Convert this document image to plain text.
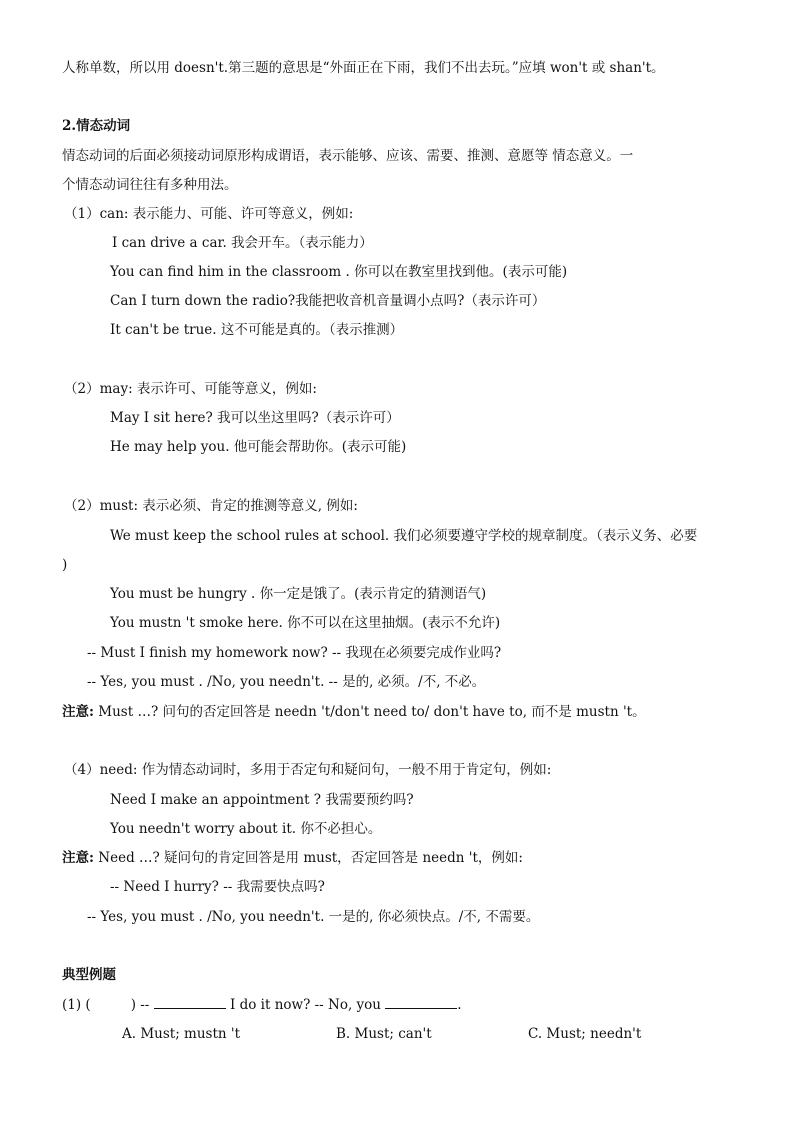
人称单数，所以用 doesn't.第三题的意思是“外面正在下雨，我们不出去玩。”应填 won't 或 shan't。
2.情态动词
情态动词的后面必须接动词原形构成谓语，表示能够、应该、需要、推测、意愿等 情态意义。一
个情态动词往往有多种用法。
（1）can: 表示能力、可能、许可等意义，例如:
I can drive a car. 我会开车。（表示能力）
You can find him in the classroom . 你可以在教室里找到他。(表示可能)
Can I turn down the radio?我能把收音机音量调小点吗?（表示许可）
It can't be true. 这不可能是真的。（表示推测）
（2）may: 表示许可、可能等意义，例如:
May I sit here? 我可以坐这里吗?（表示许可）
He may help you. 他可能会帮助你。(表示可能)
（2）must: 表示必须、肯定的推测等意义, 例如:
We must keep the school rules at school. 我们必须要遵守学校的规章制度。（表示义务、必要
)
You must be hungry . 你一定是饿了。(表示肯定的猜测语气)
You mustn 't smoke here. 你不可以在这里抽烟。(表示不允许)
-- Must I finish my homework now? -- 我现在必须要完成作业吗?
-- Yes, you must . /No, you needn't. -- 是的, 必须。/不, 不必。
注意: Must …? 问句的否定回答是 needn 't/don't need to/ don't have to, 而不是 mustn 't。
（4）need: 作为情态动词时，多用于否定句和疑问句，一般不用于肯定句，例如:
Need I make an appointment ? 我需要预约吗?
You needn't worry about it. 你不必担心。
注意: Need …? 疑问句的肯定回答是用 must，否定回答是 needn 't，例如:
-- Need I hurry? -- 我需要快点吗?
-- Yes, you must . /No, you needn't. 一是的, 你必须快点。/不, 不需要。
典型例题
(1) (	) --	I do it now? -- No, you	.
A. Must; mustn 't	B. Must; can't	C. Must; needn't
